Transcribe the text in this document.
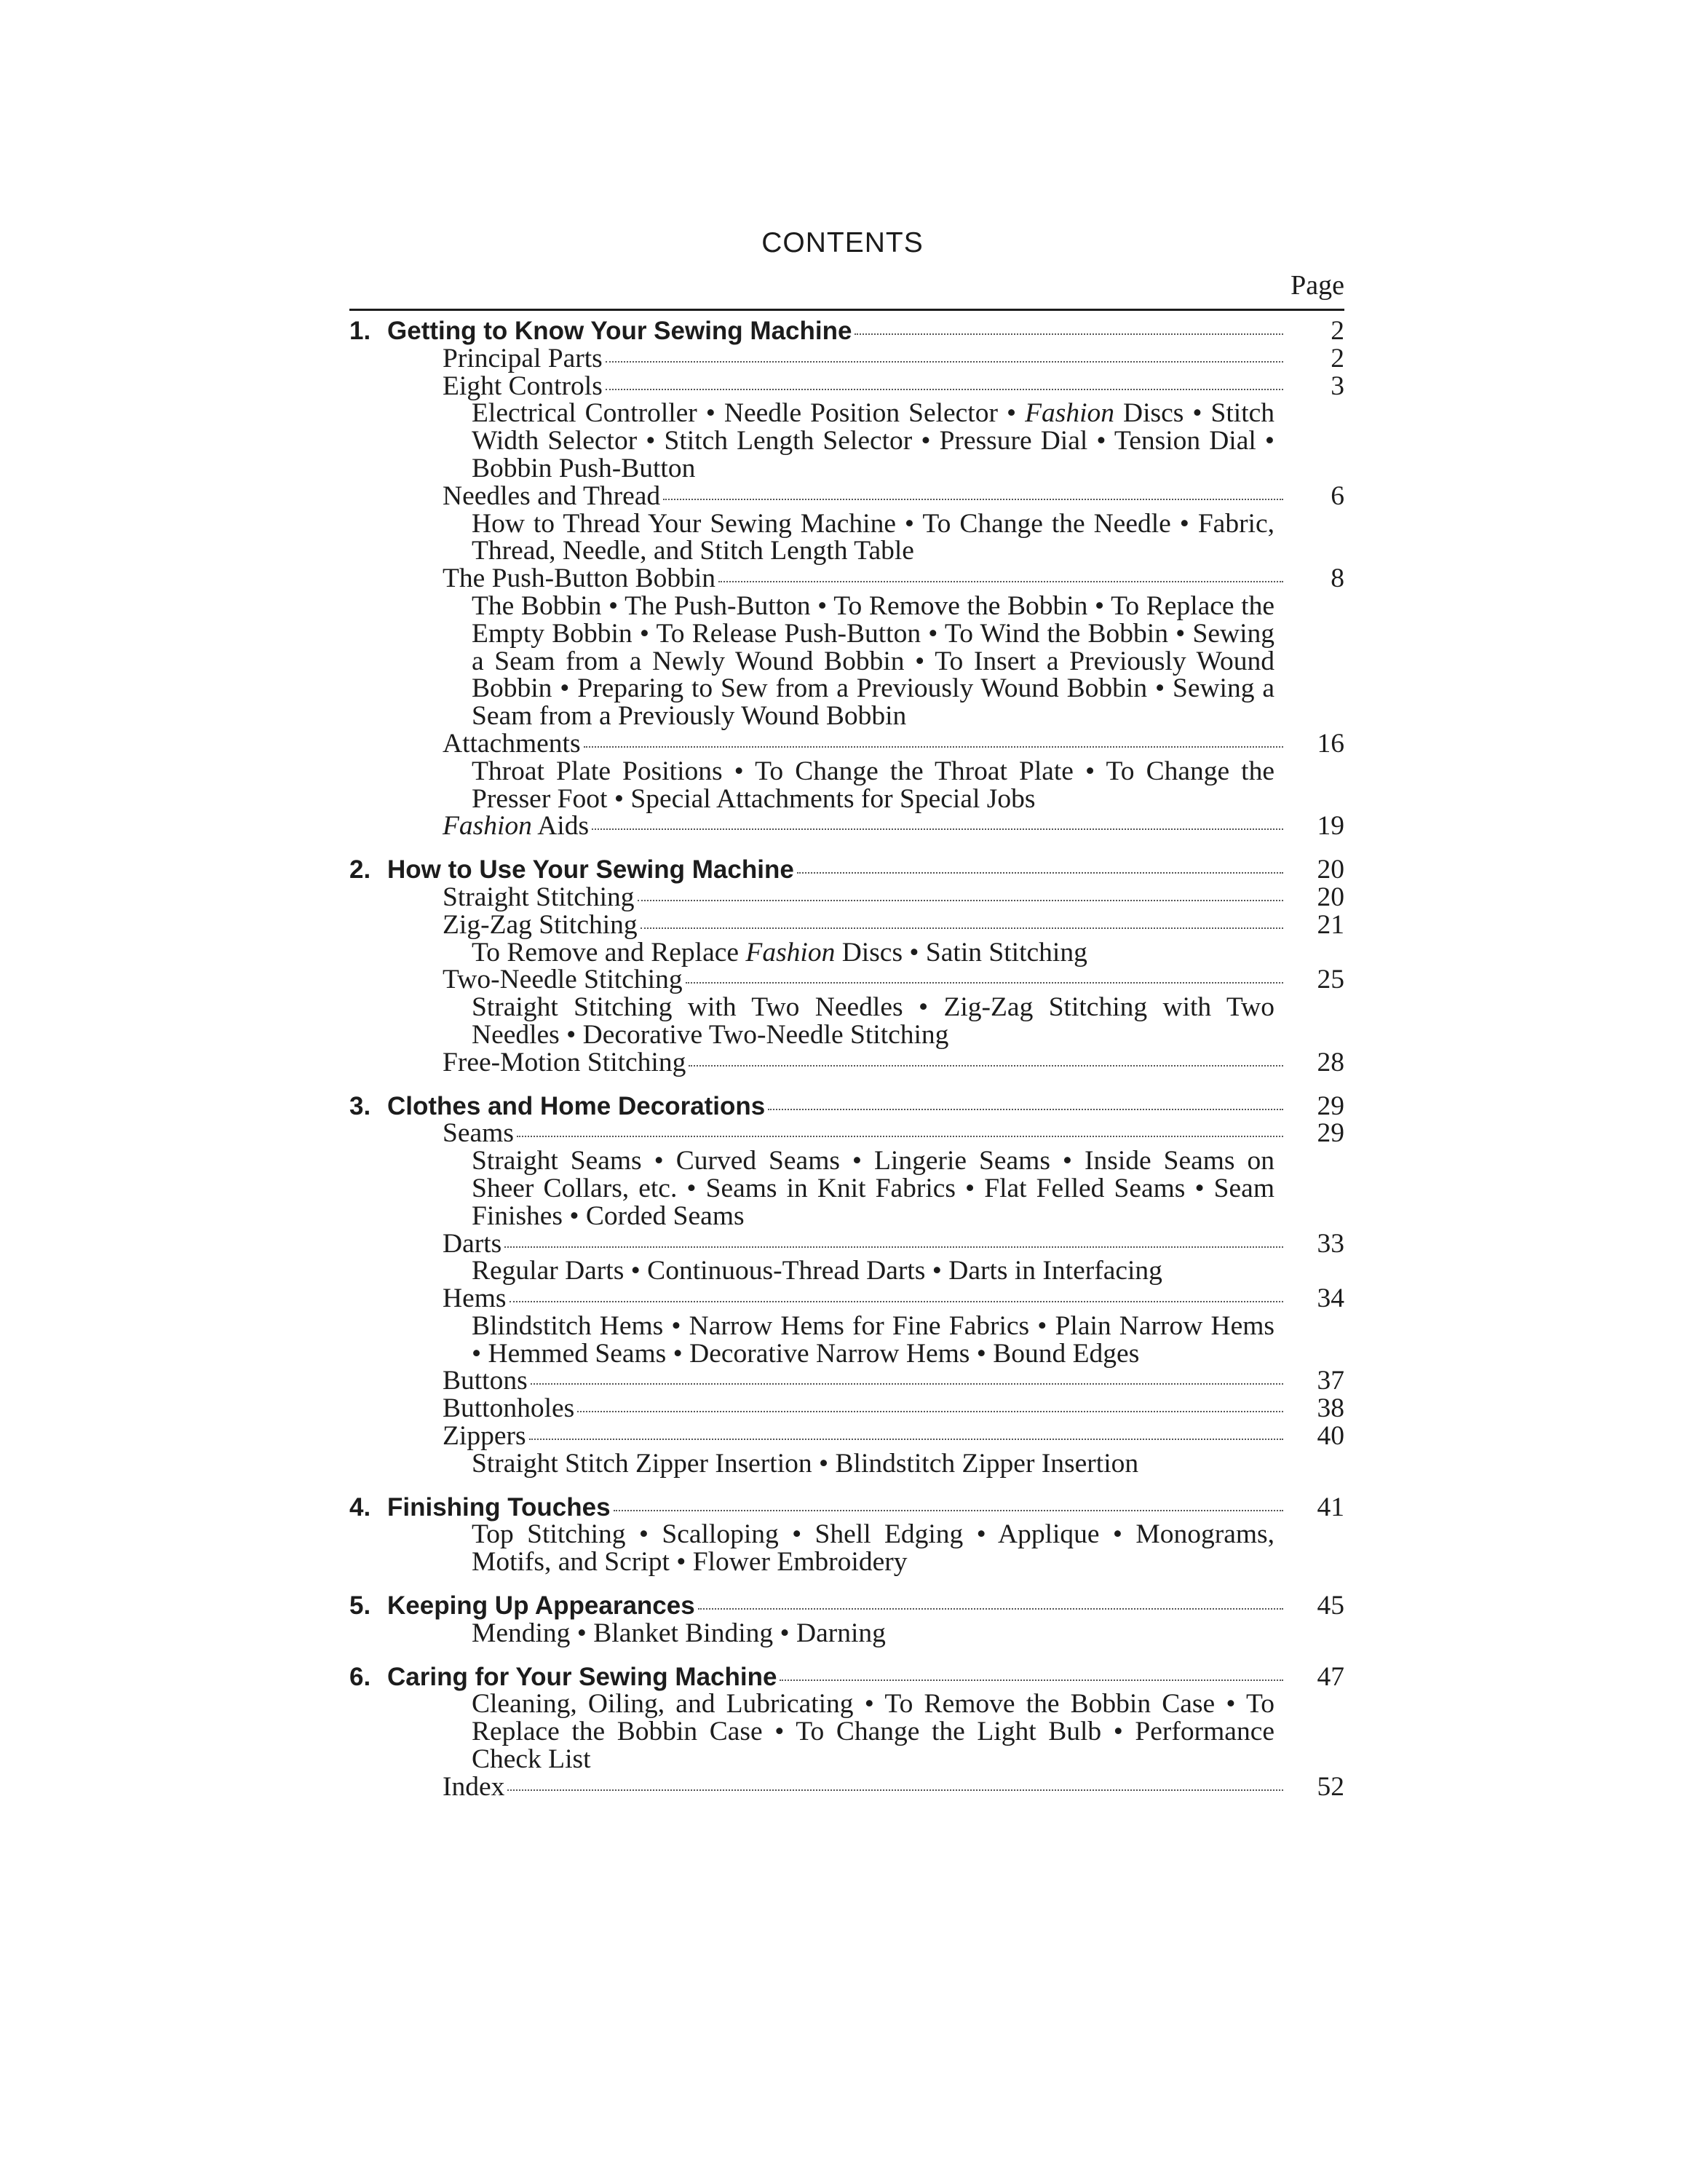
CONTENTS
Page
1. Getting to Know Your Sewing Machine	2
Principal Parts	2
Eight Controls	3
Electrical Controller • Needle Position Selector • Fashion Discs • Stitch Width Selector • Stitch Length Selector • Pressure Dial • Tension Dial • Bobbin Push-Button
Needles and Thread	6
How to Thread Your Sewing Machine • To Change the Needle • Fabric, Thread, Needle, and Stitch Length Table
The Push-Button Bobbin	8
The Bobbin • The Push-Button • To Remove the Bobbin • To Replace the Empty Bobbin • To Release Push-Button • To Wind the Bobbin • Sewing a Seam from a Newly Wound Bobbin • To Insert a Previously Wound Bobbin • Preparing to Sew from a Previously Wound Bobbin • Sewing a Seam from a Previously Wound Bobbin
Attachments	16
Throat Plate Positions • To Change the Throat Plate • To Change the Presser Foot • Special Attachments for Special Jobs
Fashion Aids	19
2. How to Use Your Sewing Machine	20
Straight Stitching	20
Zig-Zag Stitching	21
To Remove and Replace Fashion Discs • Satin Stitching
Two-Needle Stitching	25
Straight Stitching with Two Needles • Zig-Zag Stitching with Two Needles • Decorative Two-Needle Stitching
Free-Motion Stitching	28
3. Clothes and Home Decorations	29
Seams	29
Straight Seams • Curved Seams • Lingerie Seams • Inside Seams on Sheer Collars, etc. • Seams in Knit Fabrics • Flat Felled Seams • Seam Finishes • Corded Seams
Darts	33
Regular Darts • Continuous-Thread Darts • Darts in Interfacing
Hems	34
Blindstitch Hems • Narrow Hems for Fine Fabrics • Plain Narrow Hems • Hemmed Seams • Decorative Narrow Hems • Bound Edges
Buttons	37
Buttonholes	38
Zippers	40
Straight Stitch Zipper Insertion • Blindstitch Zipper Insertion
4. Finishing Touches	41
Top Stitching • Scalloping • Shell Edging • Applique • Monograms, Motifs, and Script • Flower Embroidery
5. Keeping Up Appearances	45
Mending • Blanket Binding • Darning
6. Caring for Your Sewing Machine	47
Cleaning, Oiling, and Lubricating • To Remove the Bobbin Case • To Replace the Bobbin Case • To Change the Light Bulb • Performance Check List
Index	52
